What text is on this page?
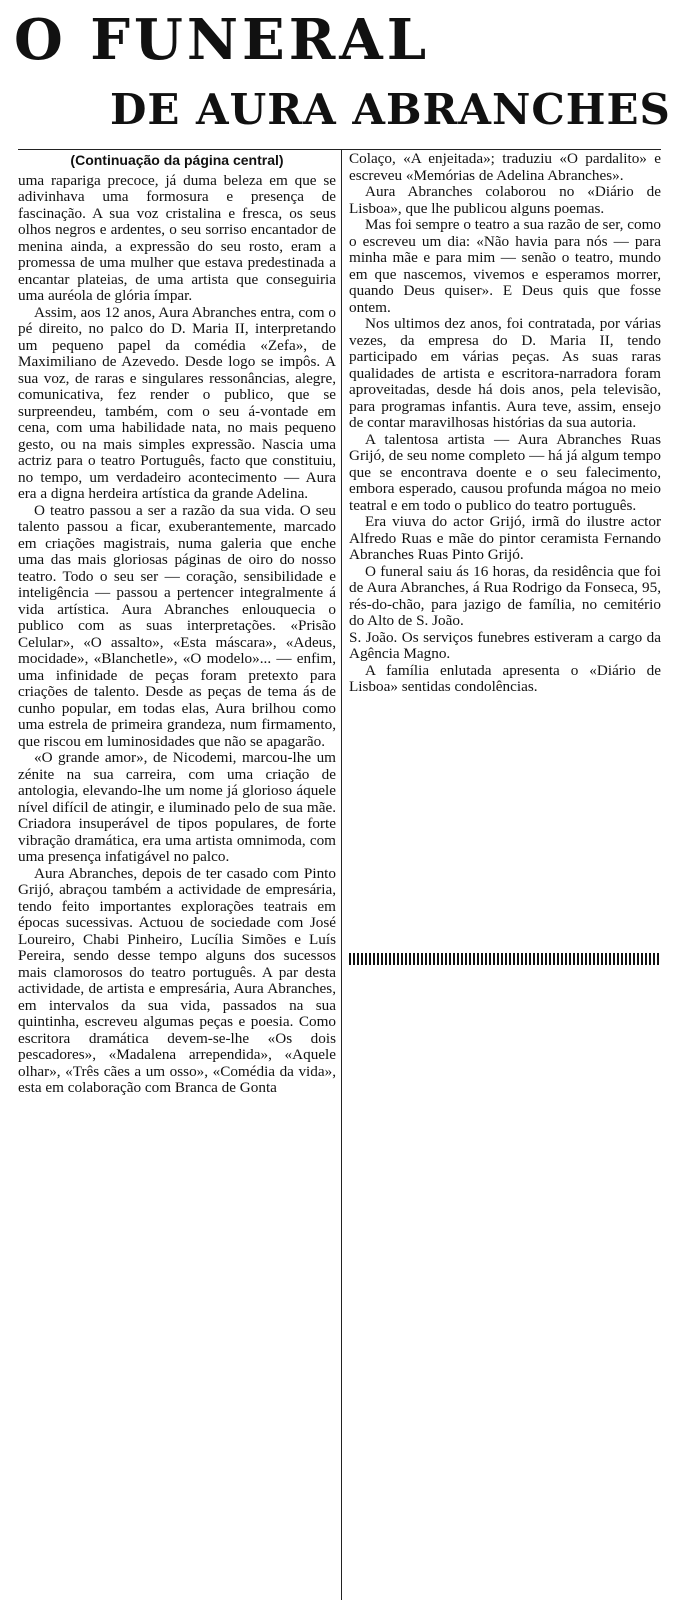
O FUNERAL
DE AURA ABRANCHES
(Continuação da página central)

uma rapariga precoce, já duma beleza em que se adivinhava uma formosura e presença de fascinação. A sua voz cristalina e fresca, os seus olhos negros e ardentes, o seu sorriso encantador de menina ainda, a expressão do seu rosto, eram a promessa de uma mulher que estava predestinada a encantar plateias, de uma artista que conseguiria uma auréola de glória ímpar.

Assim, aos 12 anos, Aura Abranches entra, com o pé direito, no palco do D. Maria II, interpretando um pequeno papel da comédia «Zefa», de Maximiliano de Azevedo. Desde logo se impôs. A sua voz, de raras e singulares ressonâncias, alegre, comunicativa, fez render o publico, que se surpreendeu, também, com o seu á-vontade em cena, com uma habilidade nata, no mais pequeno gesto, ou na mais simples expressão. Nascia uma actriz para o teatro Português, facto que constituiu, no tempo, um verdadeiro acontecimento — Aura era a digna herdeira artística da grande Adelina.

O teatro passou a ser a razão da sua vida. O seu talento passou a ficar, exuberantemente, marcado em criações magistrais, numa galeria que enche uma das mais gloriosas páginas de oiro do nosso teatro. Todo o seu ser — coração, sensibilidade e inteligência — passou a pertencer integralmente á vida artística. Aura Abranches enlouquecia o publico com as suas interpretações. «Prisão Celular», «O assalto», «Esta máscara», «Adeus, mocidade», «Blanchetle», «O modelo»... — enfim, uma infinidade de peças foram pretexto para criações de talento. Desde as peças de tema ás de cunho popular, em todas elas, Aura brilhou como uma estrela de primeira grandeza, num firmamento, que riscou em luminosidades que não se apagarão.

«O grande amor», de Nicodemi, marcou-lhe um zénite na sua carreira, com uma criação de antologia, elevando-lhe um nome já glorioso áquele nível difícil de atingir, e iluminado pelo de sua mãe. Criadora insuperável de tipos populares, de forte vibração dramática, era uma artista omnimoda, com uma presença infatigável no palco.

Aura Abranches, depois de ter casado com Pinto Grijó, abraçou também a actividade de empresária, tendo feito importantes explorações teatrais em épocas sucessivas. Actuou de sociedade com José Loureiro, Chabi Pinheiro, Lucília Simões e Luís Pereira, sendo desse tempo alguns dos sucessos mais clamorosos do teatro português. A par desta actividade, de artista e empresária, Aura Abranches, em intervalos da sua vida, passados na sua quintinha, escreveu algumas peças e poesia. Como escritora dramática devem-se-lhe «Os dois pescadores», «Madalena arrependida», «Aquele olhar», «Três cães a um osso», «Comédia da vida», esta em colaboração com Branca de Gonta

Colaço, «A enjeitada»; traduziu «O pardalito» e escreveu «Memórias de Adelina Abranches».

Aura Abranches colaborou no «Diário de Lisboa», que lhe publicou alguns poemas.

Mas foi sempre o teatro a sua razão de ser, como o escreveu um dia: «Não havia para nós — para minha mãe e para mim — senão o teatro, mundo em que nascemos, vivemos e esperamos morrer, quando Deus quiser». E Deus quis que fosse ontem.

Nos ultimos dez anos, foi contratada, por várias vezes, da empresa do D. Maria II, tendo participado em várias peças. As suas raras qualidades de artista e escritora-narradora foram aproveitadas, desde há dois anos, pela televisão, para programas infantis. Aura teve, assim, ensejo de contar maravilhosas histórias da sua autoria.

A talentosa artista — Aura Abranches Ruas Grijó, de seu nome completo — há já algum tempo que se encontrava doente e o seu falecimento, embora esperado, causou profunda mágoa no meio teatral e em todo o publico do teatro português.

Era viuva do actor Grijó, irmã do ilustre actor Alfredo Ruas e mãe do pintor ceramista Fernando Abranches Ruas Pinto Grijó.

O funeral saiu ás 16 horas, da residência que foi de Aura Abranches, á Rua Rodrigo da Fonseca, 95, rés-do-chão, para jazigo de família, no cemitério do Alto de S. João.

S. João. Os serviços funebres estiveram a cargo da Agência Magno.

A família enlutada apresenta o «Diário de Lisboa» sentidas condolências.
